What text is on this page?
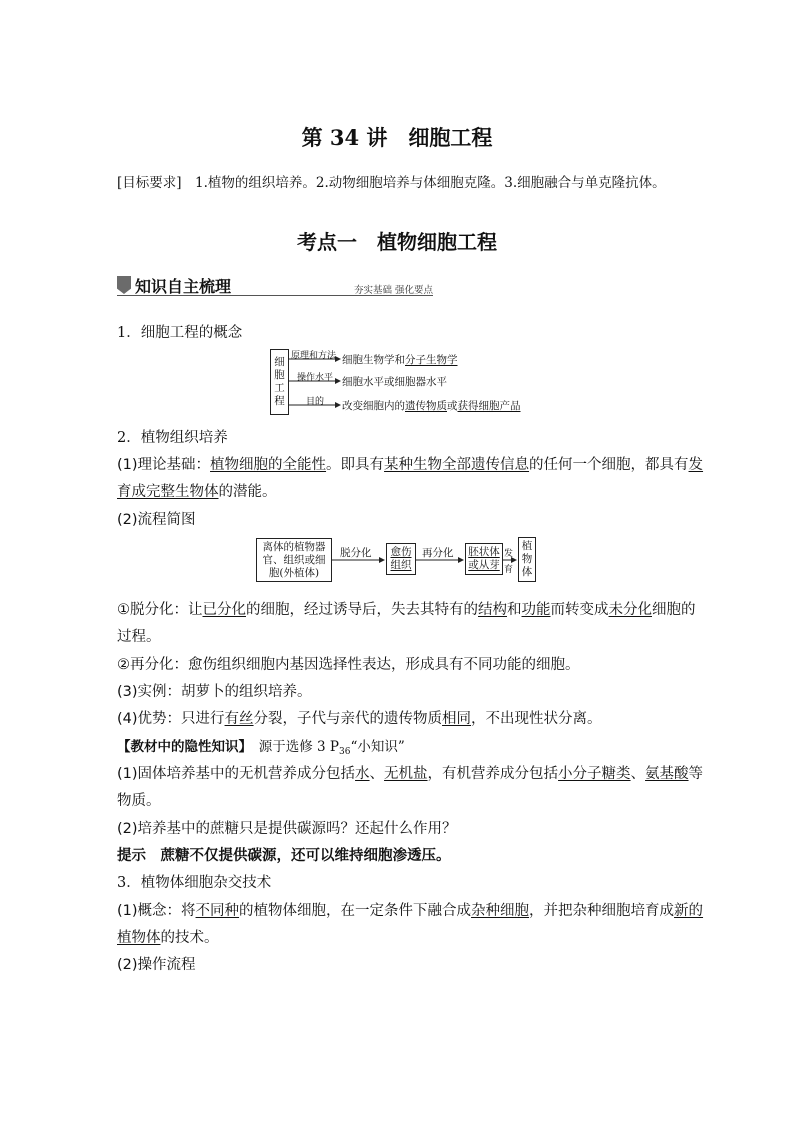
第 34 讲　细胞工程
[目标要求]　 1.植物的组织培养。2.动物细胞培养与体细胞克隆。3.细胞融合与单克隆抗体。
考点一　植物细胞工程
知识自主梳理	夯实基础 强化要点
1．细胞工程的概念
细
胞
工
程
原理和方法 细胞生物学和分子生物学
操作水平 细胞水平或细胞器水平
目的 改变细胞内的遗传物质或获得细胞产品
2．植物组织培养
(1)理论基础：植物细胞的全能性。即具有某种生物全部遗传信息的任何一个细胞，都具有发
育成完整生物体的潜能。
(2)流程简图
离体的植物器
官、组织或细
胞(外植体)
愈伤
组织
胚状体
或从芽
植
物
体
脱分化	再分化	发
育
①脱分化：让已分化的细胞，经过诱导后，失去其特有的结构和功能而转变成未分化细胞的
过程。
②再分化：愈伤组织细胞内基因选择性表达，形成具有不同功能的细胞。
(3)实例：胡萝卜的组织培养。
(4)优势：只进行有丝分裂，子代与亲代的遗传物质相同，不出现性状分离。
【教材中的隐性知识】　 源于选修 3 $P_{36}“$小知识”
(1)固体培养基中的无机营养成分包括水、无机盐，有机营养成分包括小分子糖类、氨基酸等
物质。
(2)培养基中的蔗糖只是提供碳源吗？还起什么作用？
提示　蔗糖不仅提供碳源，还可以维持细胞渗透压。
3．植物体细胞杂交技术
(1)概念：将不同种的植物体细胞，在一定条件下融合成杂种细胞，并把杂种细胞培育成新的
植物体的技术。
(2)操作流程
